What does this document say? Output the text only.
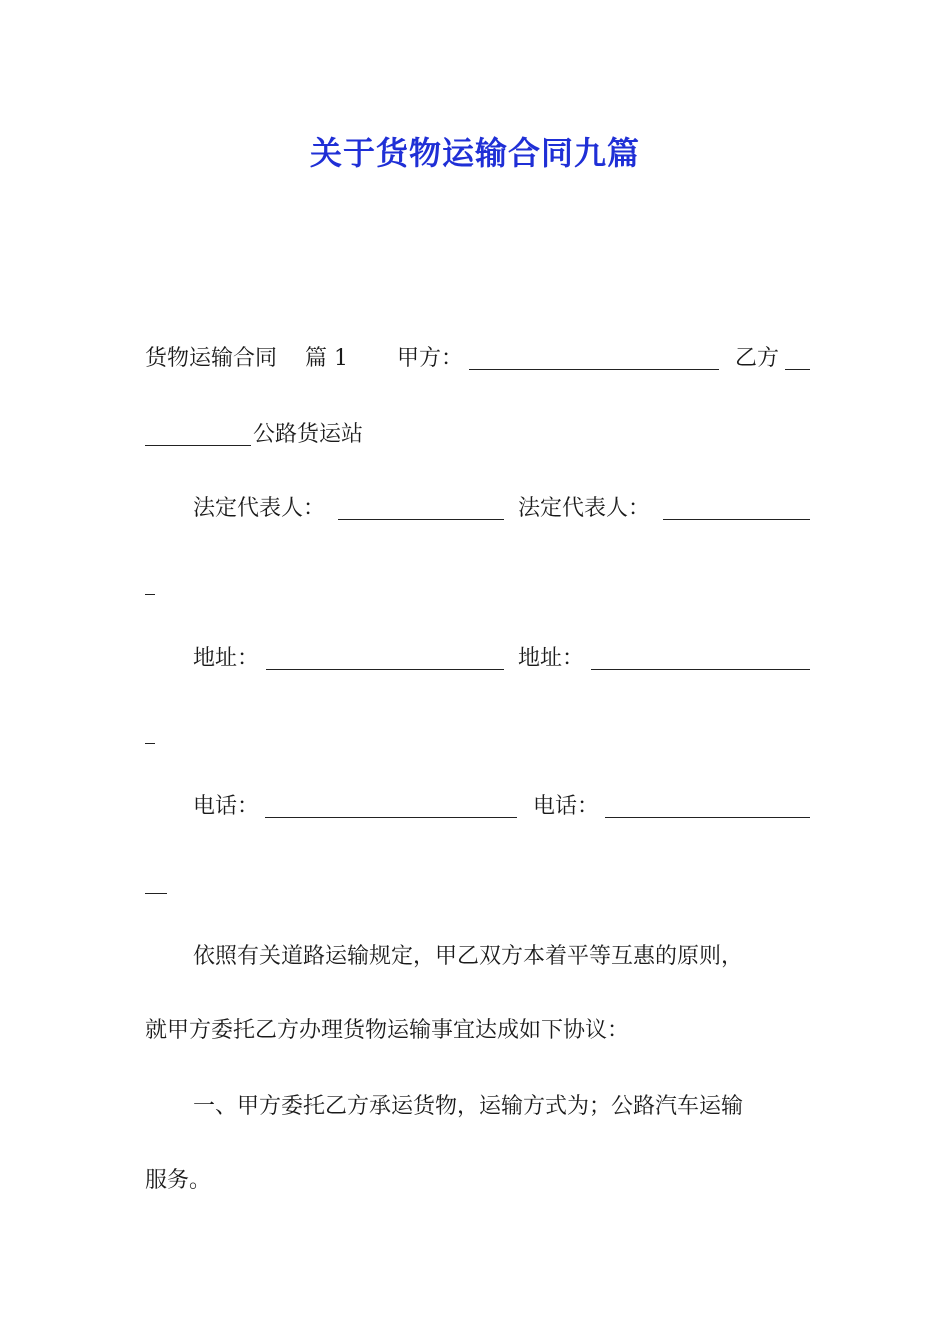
关于货物运输合同九篇
货物运输合同 篇 1 甲方：	乙方
公路货运站
法定代表人：	法定代表人：
地址：	地址：
电话：	电话：
依照有关道路运输规定，甲乙双方本着平等互惠的原则，
就甲方委托乙方办理货物运输事宜达成如下协议：
一、甲方委托乙方承运货物，运输方式为；公路汽车运输
服务。
